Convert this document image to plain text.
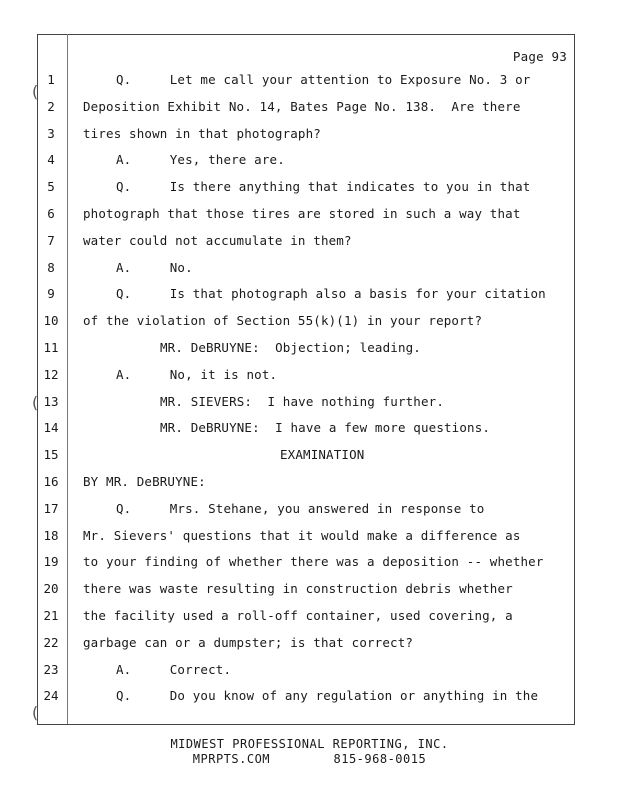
(
(
(
Page 93
1	Q.     Let me call your attention to Exposure No. 3 or
2	Deposition Exhibit No. 14, Bates Page No. 138.  Are there
3	tires shown in that photograph?
4	A.     Yes, there are.
5	Q.     Is there anything that indicates to you in that
6	photograph that those tires are stored in such a way that
7	water could not accumulate in them?
8	A.     No.
9	Q.     Is that photograph also a basis for your citation
10 of the violation of Section 55(k)(1) in your report?
11	MR. DeBRUYNE:  Objection; leading.
12	A.     No, it is not.
13	MR. SIEVERS:  I have nothing further.
14	MR. DeBRUYNE:  I have a few more questions.
15	EXAMINATION
16 BY MR. DeBRUYNE:
17	Q.     Mrs. Stehane, you answered in response to
18 Mr. Sievers' questions that it would make a difference as
19 to your finding of whether there was a deposition -- whether
20 there was waste resulting in construction debris whether
21 the facility used a roll-off container, used covering, a
22 garbage can or a dumpster; is that correct?
23	A.     Correct.
24	Q.     Do you know of any regulation or anything in the
MIDWEST PROFESSIONAL REPORTING, INC.
MPRPTS.COM	815-968-0015
